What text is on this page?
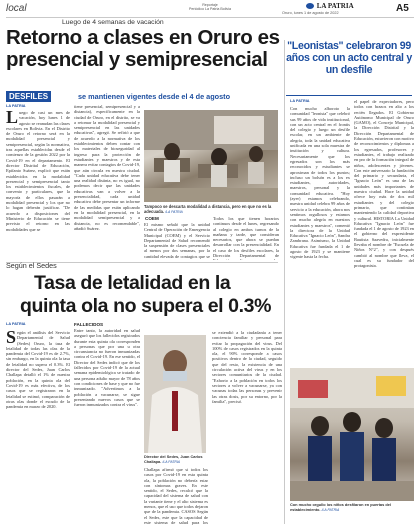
local	Reportaje
Periódico La Patria Bolivia	LA PATRIA
Oruro, lunes 1 de agosto de 2022	A5
Luego de 4 semanas de vacación
Retorno a clases en Oruro es
presencial y semipresencial
DESFILES	se mantienen vigentes desde el 4 de agosto
LA PATRIA
Luego de casi un mes de vacación, hoy lunes 1 de agosto se reanudan las clases escolares en Bolivia. En el Distrito de Oruro el retorno será en la modalidad presencial y semipresencial, según la normativa, tras aquellas establecidas desde el comienzo de la gestión 2022 por la Covid-19 en el departamento. El director Distrital de Educación, Epifanio Suárez, explicó que están establecidos en la modalidad presencial y semipresencial tanto los establecimientos fiscales, de convenio y particulares, que la mayoría de ellos pasarán a modalidad presencial y los que no lo hagan deberán justificar. "De acuerdo a disposiciones del Ministerio de Educación se tiene previsto el retorno en las modalidades que se
tiene presencial, semipresencial y a distancia), específicamente en la ciudad de Oruro, en el distrito, se va a retomar la modalidad presencial y semipresencial en las unidades educativas", agregó. Se refirió a que de acuerdo a la normativa de los establecimientos deben contar con los materiales de bioseguridad al ingreso para la protección de estudiantes y maestros y de esta manera evitar contagios de Covid-19, que aún circula en nuestra ciudad. "Cada unidad educativa debe tener una realidad distinta, no es igual, no podemos decir que las unidades educativas van a volver a la presencialidad, cada unidad educativa debe presentar un informe de las medidas que están aplicando en la modalidad presencial, en la modalidad semipresencial y a distancia, no es recomendable", añadió Suárez.
Tampoco se descarta modalidad a distancia, pero en que no es la adecuada. /LA PATRIA
COEM
El mismo señaló que la unidad Central de Operación de Emergencia Municipal (COEM) y el Servicio Departamental de Salud recomendó la suspensión de clases presenciales al menos por dos semanas, por la cantidad elevada de contagios que se
Todos los que tienen horarios continuos desde el lunes, regresando al colegio en ambos turnos de la mañana y tarde, que consideran necesarios, que ahora se puedan desarrollar con la presencialidad. En el caso de los desfiles escolares, la Dirección Departamental de
"Leonistas" celebraron 99 años con un acto central y un desfile
LA PATRIA
Con mucho alboroto la comunidad "leonista" que celebró sus 99 años de vida institucional, con un acto central en el frontis del colegio y luego un desfile escolar, en un ambiente de alegría, toda la unidad educativa unificada en una sola muestra de institución y cultura. Necesariamente que los egresados son los más reconocidos y estudiantes se aproximan de todos los puntos; incluso un bolsón es a los ex estudiantes, autoridades, maestros, personal y la comunidad educativa. "Hoy (ayer) estamos celebrando, nuestra unidad celebra 99 años de servicio a la educación, ahora nos sentimos orgullosos y estamos con mucho alegría en nuestros estudiantes y maestros", comentó la directora de la Unidad Educativa "Ignacio León", Sandra Zambrana. Asimismo, la Unidad Educativa fue fundada el 1 de agosto de 1923 y se mantiene vigente hasta la fecha.
el papel de expectadores, pero todos con brazos en alto a los recién llegados. El Gobierno Autónomo Municipal de Oruro (GAMO), el Concejo Municipal, la Dirección Distrital y la Dirección Departamental de Educación, estuvieron con motivo de reconocimientos y diplomas a los egresados, profesores y estudiantes, el trabajo realizado en pro de la formación integral de niños, adolescentes y jóvenes. Con este aniversario la fundación del primario y secundaria, el "Ignacio León" es una de las unidades más importantes de nuestra ciudad. Hace la unidad ofrece hoy más de dos mil estudiantes y del colegio primario, que continúan manteniendo la calidad deportiva y cultural. HISTORIA La Unidad Educativa "Ignacio León" fue fundada el 1 de agosto de 1923 en el gobierno del expresidente Bautista Saavedra, inicialmente llevaba el nombre de "Escuela de Niños N°2", y con después cambió al nombre que lleva, el cual es su fundador del protagonista.
Con mucho orgullo los niños desfilaron en puertas del establecimiento. /LA PATRIA
Según el Sedes
Tasa de letalidad en la
quinta ola no supera el 0.3%
LA PATRIA
Según el análisis del Servicio Departamental de Salud (Sedes) Oruro, la tasa de letalidad de todas las olas de la pandemia del Covid-19 es de 2.7%, sin embargo, en la quinta ola la tasa de letalidad no supera el 0.3%. El director del Sedes, Juan Carlos Challapa detalló el 1% de nuestra población, en la quinta ola del Covid-19 es más efectiva, de los casos que se registraron en la letalidad se estimó, comparación de otras olas donde el escudo de la pandemia en marzo de 2020.
FALLECIDOS
Entre tanto, la autoridad en salud aseguró que los fallecidos registrados durante esta quinta ola corresponden a personas que por una u otra circunstancia no fueron inmunizadas contra el Covid-19. En ese sentido, el Director del Sedes indicó que de los fallecidos por Covid-19 de la actual semana epidemiológica se tratado de una persona adulto mayor de 78 años con condiciones de base y que no fue inmunizado. "Advertimos a la población a vacunarse, se sigue presentando nuevos casos que se fueron inmunizados contra el virus".
Director del Sedes, Juan Carlos Challapa. /LA PATRIA
Challapa afirmó que si todos los casos por Covid-19 en esta quinta ola, la población no debería estar con síntomas graves. En este sentido, el Sedes, recalcó que la capacidad del sistema de salud con la variante tiene y el alto sistema es menos, que el uso que todos dejaron que de la pandemia. CASOS Según el Sedes, este que la capacidad de este sistema de salud para los
se extendió a la ciudadanía a tener conciencia familiar y personal para evitar la propagación del virus. Del 100% de casos registrados en la quinta ola, el 90% corresponde a casos positivos dentro de la ciudad, seguido que del resto, la existencia de una circulación activa del virus y en los sectores comunitarios de la ciudad. "Exhorto a la población en todos los sectores a volver a vacunarse, ya con vacunas todas las personas y prevenir las otras dosis, por su entorno, por la familia", precisó.
